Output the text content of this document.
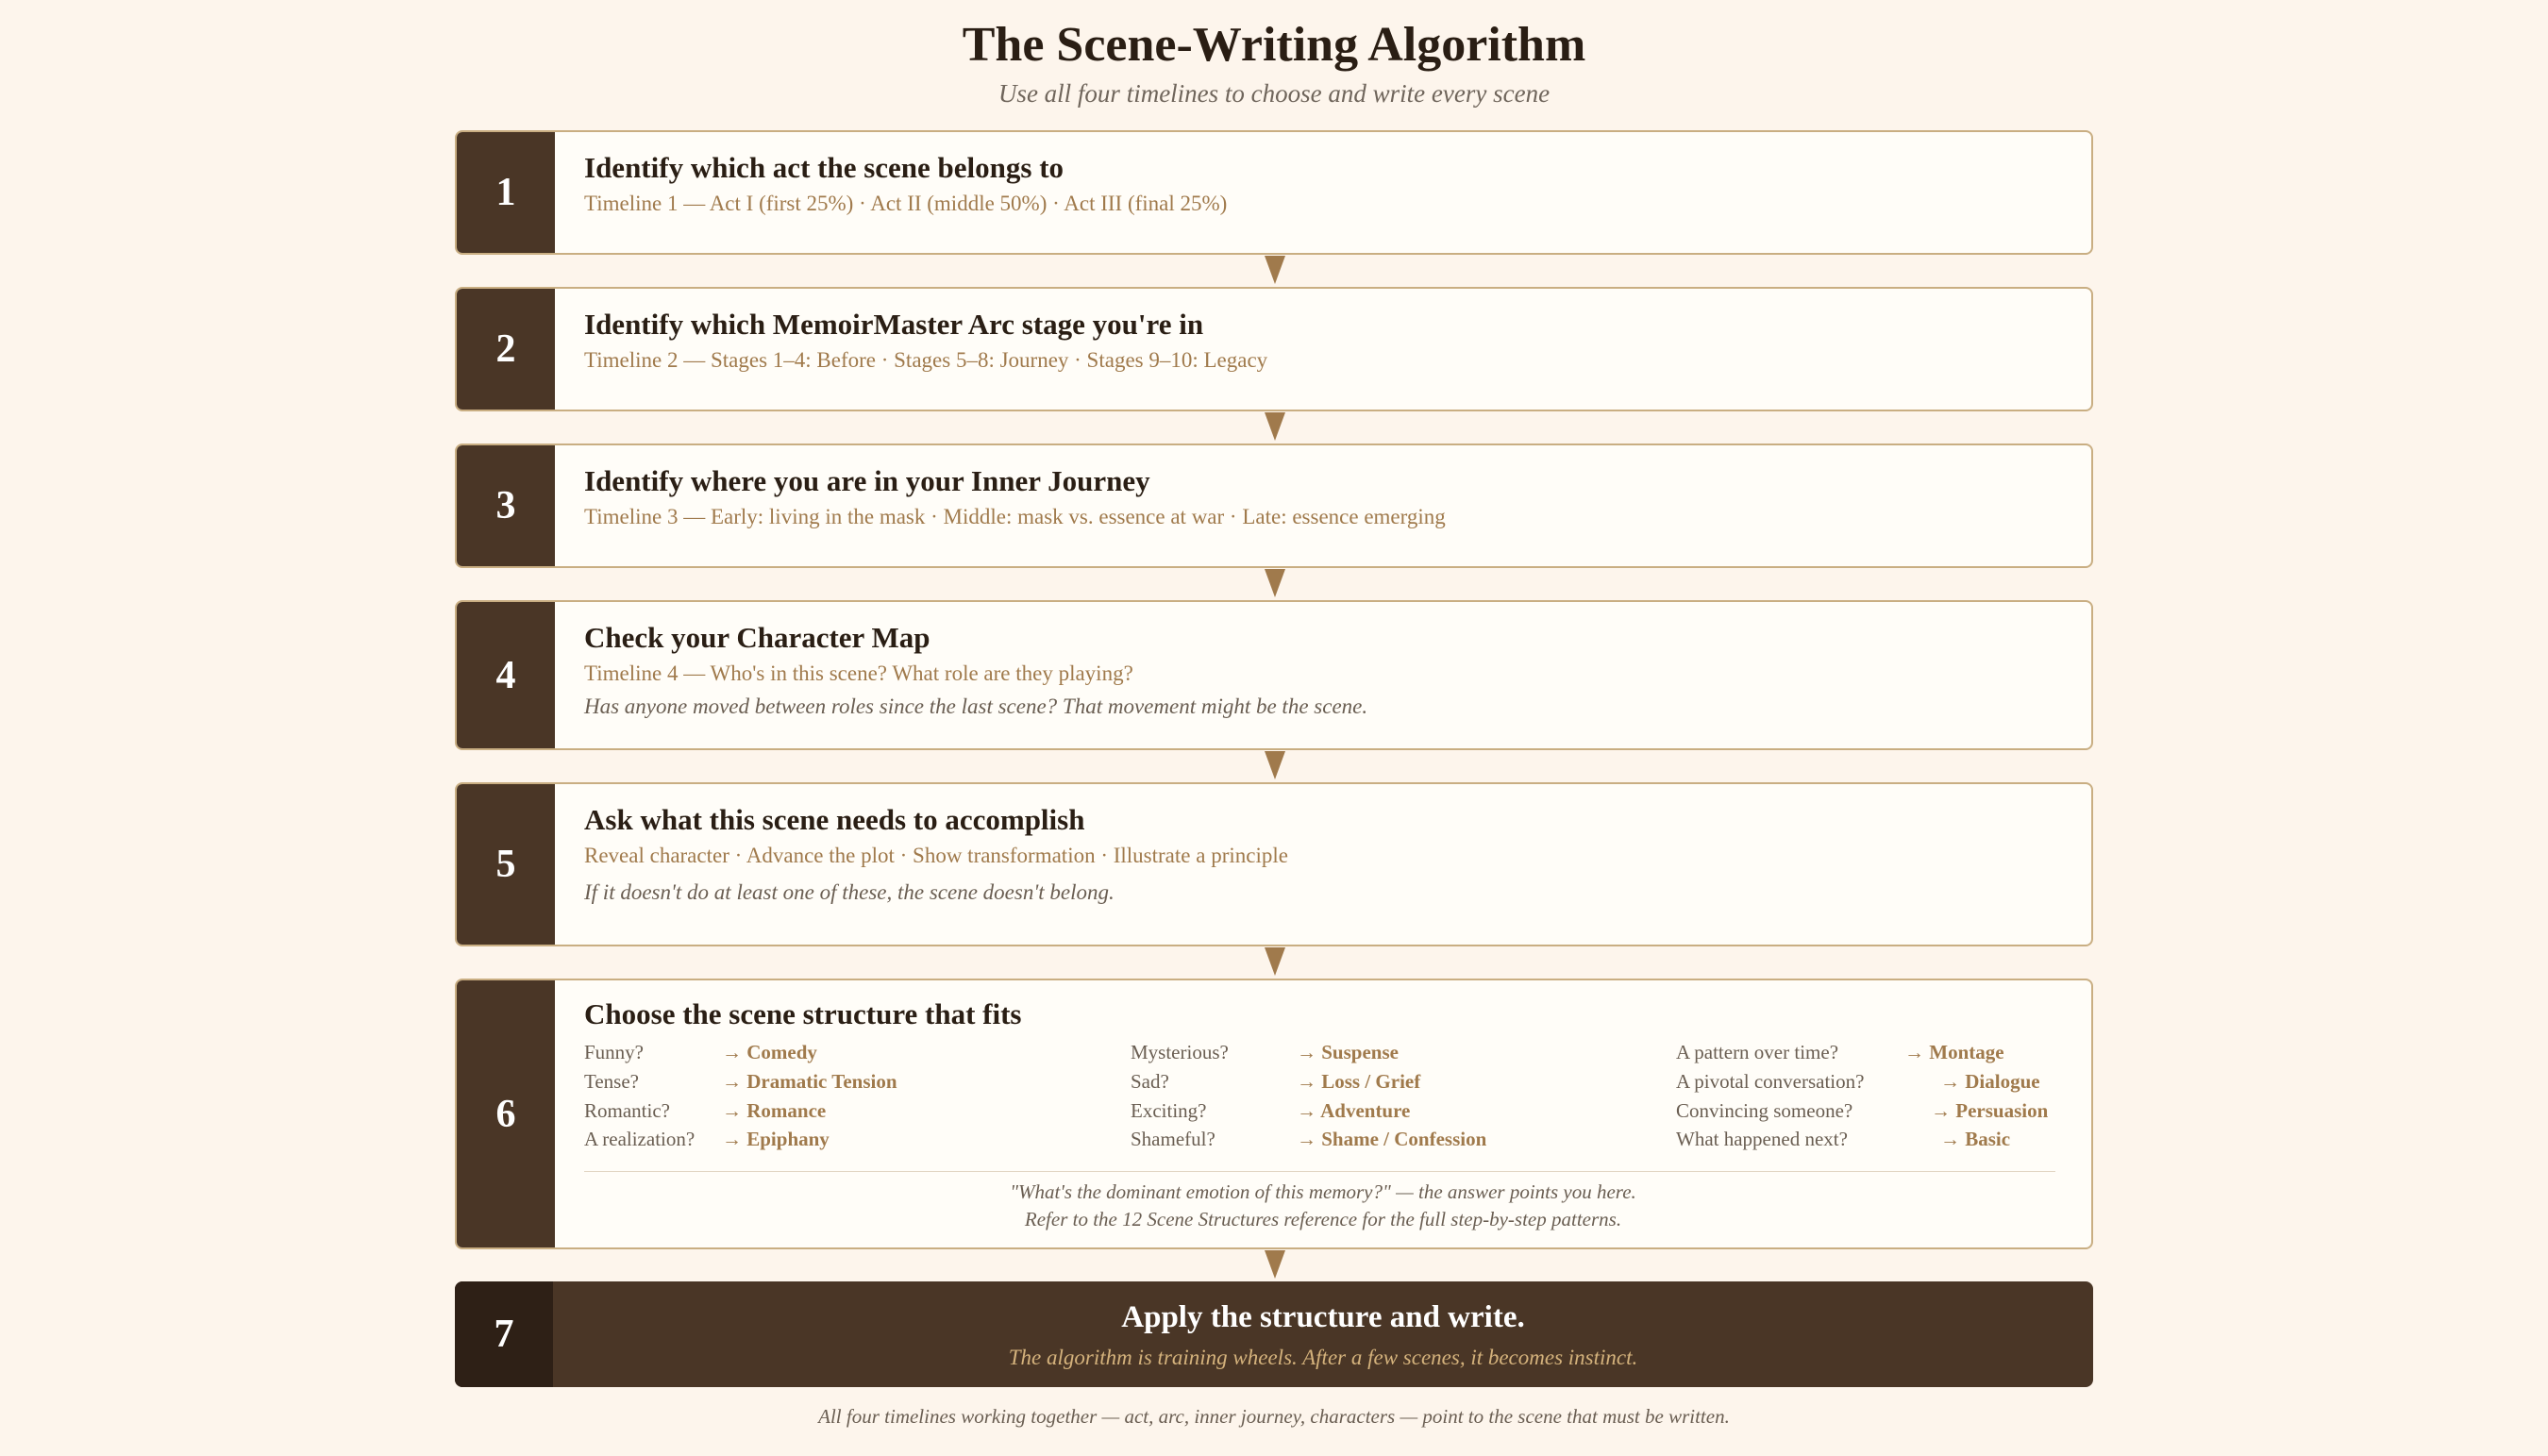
The Scene-Writing Algorithm
Use all four timelines to choose and write every scene
1
Identify which act the scene belongs to
Timeline 1 — Act I (first 25%) · Act II (middle 50%) · Act III (final 25%)
2
Identify which MemoirMaster Arc stage you're in
Timeline 2 — Stages 1–4: Before · Stages 5–8: Journey · Stages 9–10: Legacy
3
Identify where you are in your Inner Journey
Timeline 3 — Early: living in the mask · Middle: mask vs. essence at war · Late: essence emerging
4
Check your Character Map
Timeline 4 — Who's in this scene? What role are they playing?
Has anyone moved between roles since the last scene? That movement might be the scene.
5
Ask what this scene needs to accomplish
Reveal character · Advance the plot · Show transformation · Illustrate a principle
If it doesn't do at least one of these, the scene doesn't belong.
6
Choose the scene structure that fits
Funny?	→ Comedy
Tense?	→ Dramatic Tension
Romantic?	→ Romance
A realization? → Epiphany
Mysterious?	→ Suspense
Sad?	→ Loss / Grief
Exciting?	→ Adventure
Shameful?	→ Shame / Confession
A pattern over time?	→ Montage
A pivotal conversation?	→ Dialogue
Convincing someone?	→ Persuasion
What happened next?	→ Basic
"What's the dominant emotion of this memory?" — the answer points you here.
Refer to the 12 Scene Structures reference for the full step-by-step patterns.
7	Apply the structure and write.
The algorithm is training wheels. After a few scenes, it becomes instinct.
All four timelines working together — act, arc, inner journey, characters — point to the scene that must be written.
